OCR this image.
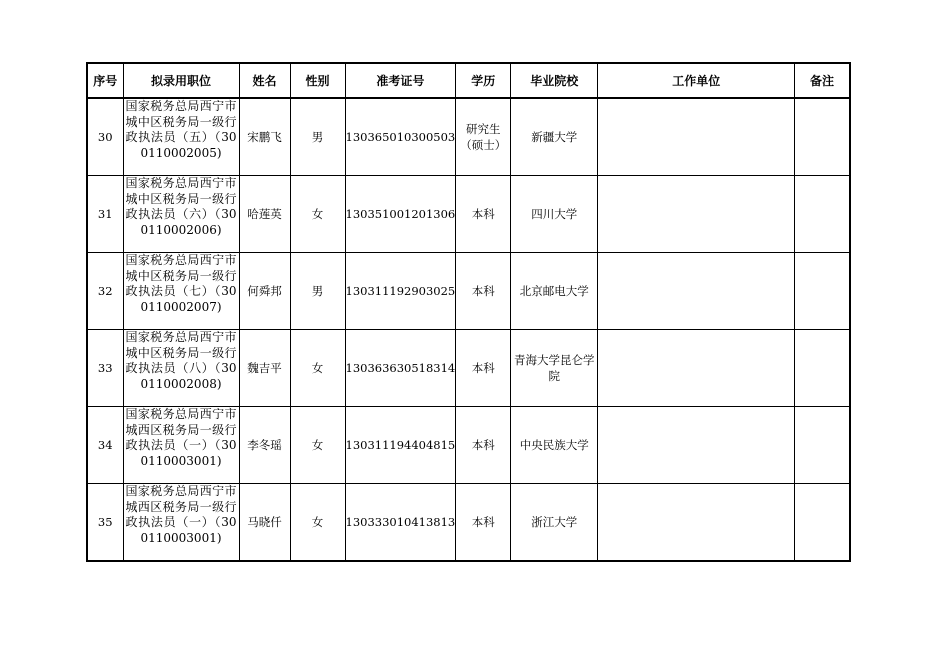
序号	拟录用职位	姓名	性别	准考证号	学历	毕业院校	工作单位	备注
30	国家税务总局西宁市城中区税务局一级行政执法员（五）（300110002005)	宋鹏飞	男	130365010300503	研究生（硕士）	新疆大学		

31	国家税务总局西宁市城中区税务局一级行政执法员（六）（300110002006)	哈莲英	女	130351001201306	本科	四川大学		

32	国家税务总局西宁市城中区税务局一级行政执法员（七）（300110002007)	何舜邦	男	130311192903025	本科	北京邮电大学		

33	国家税务总局西宁市城中区税务局一级行政执法员（八）（300110002008)	魏吉平	女	130363630518314	本科	青海大学昆仑学院		

34	国家税务总局西宁市城西区税务局一级行政执法员（一）（300110003001)	李冬瑶	女	130311194404815	本科	中央民族大学		

35	国家税务总局西宁市城西区税务局一级行政执法员（一）（300110003001)	马晓仟	女	130333010413813	本科	浙江大学		
